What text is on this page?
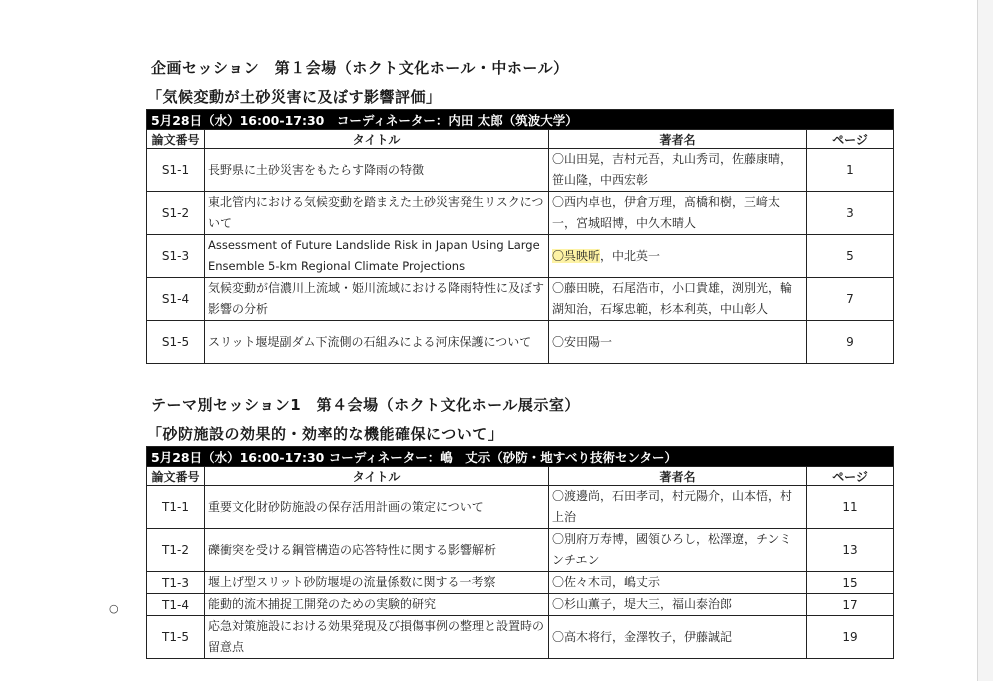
企画セッション　第１会場（ホクト文化ホール・中ホール）
「気候変動が土砂災害に及ぼす影響評価」
5月28日（水）16:00-17:30　コーディネーター：内田 太郎（筑波大学）			
論文番号	タイトル	著者名	ページ
S1-1	長野県に土砂災害をもたらす降雨の特徴	〇山田晃，吉村元吾，丸山秀司，佐藤康晴，笹山隆，中西宏彰	1
S1-2	東北管内における気候変動を踏まえた土砂災害発生リスクについて	〇西内卓也，伊倉万理，髙橋和樹，三﨑太一，宮城昭博，中久木晴人	3
S1-3	Assessment of Future Landslide Risk in Japan Using Large Ensemble 5-km Regional Climate Projections	〇呉映昕，中北英一	5
S1-4	気候変動が信濃川上流域・姫川流域における降雨特性に及ぼす影響の分析	〇藤田暁，石尾浩市，小口貴雄，渕別光，輪湖知治，石塚忠範，杉本利英，中山彰人	7
S1-5	スリット堰堤副ダム下流側の石組みによる河床保護について	〇安田陽一	9
テーマ別セッション1　第４会場（ホクト文化ホール展示室）
「砂防施設の効果的・効率的な機能確保について」
5月28日（水）16:00-17:30 コーディネーター：嶋　丈示（砂防・地すべり技術センター）			
論文番号	タイトル	著者名	ページ
T1-1	重要文化財砂防施設の保存活用計画の策定について	〇渡邊尚，石田孝司，村元陽介，山本悟，村上治	11
T1-2	礫衝突を受ける鋼管構造の応答特性に関する影響解析	〇別府万寿博，國領ひろし，松澤遼，チンミンチエン	13
T1-3	堰上げ型スリット砂防堰堤の流量係数に関する一考察	〇佐々木司，嶋丈示	15
T1-4	能動的流木捕捉工開発のための実験的研究	〇杉山薫子，堤大三，福山泰治郎	17
T1-5	応急対策施設における効果発現及び損傷事例の整理と設置時の留意点	〇高木将行，金澤牧子，伊藤誠記	19
○
